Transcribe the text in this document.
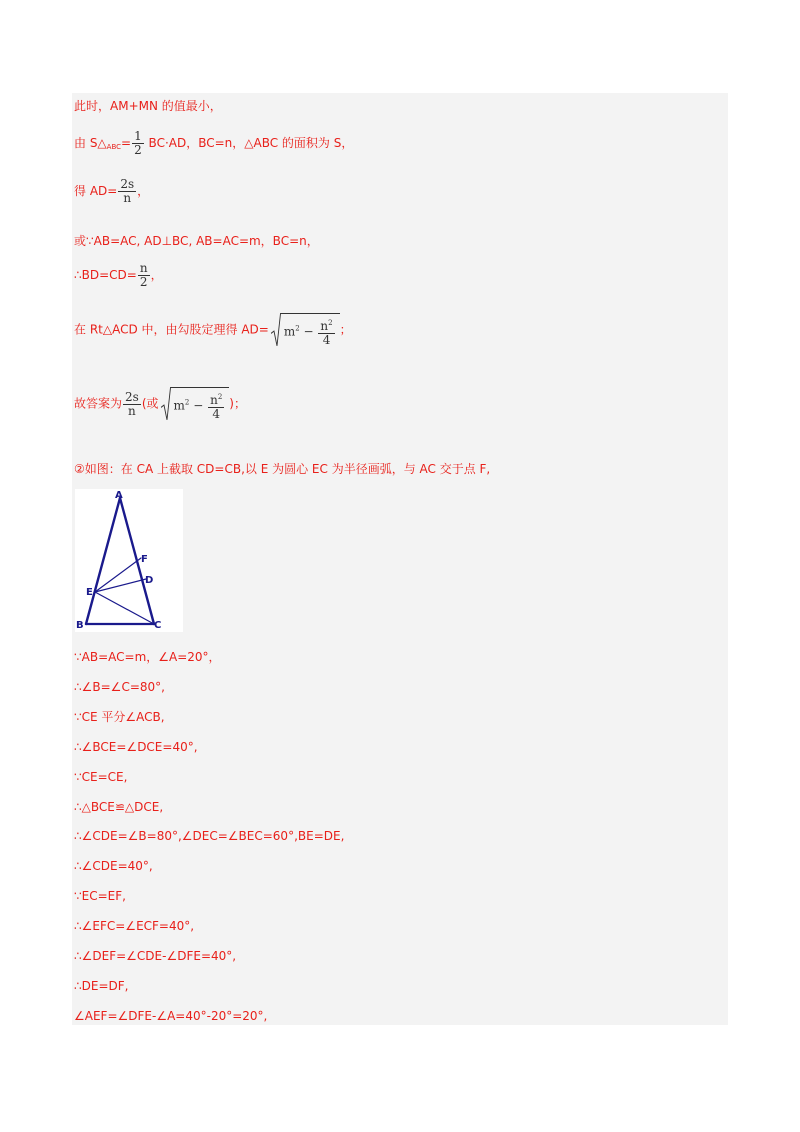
此时，AM+MN 的值最小，
由 $S\triangle_{ABC}= \frac{1}{2} BC\cdot AD$，BC=n，△ABC 的面积为 S，
得 $AD= \frac{2s}{n}$ ，
或∵AB=AC, AD⊥BC, AB=AC=m，BC=n，
∴BD=CD= $\frac{n}{2}$ ，
在 Rt△ACD 中，由勾股定理得 $AD= m^2 - \frac{n^2}{4}$ ；
故答案为 $\frac{2s}{n}$ (或 $m^2 - \frac{n^2}{4}$ )；
②如图：在 CA 上截取 CD=CB,以 E 为圆心 EC 为半径画弧，与 AC 交于点 F,
A
B	C
D
E
F
∵AB=AC=m，∠A=20°，
∴∠B=∠C=80°,
∵CE 平分∠ACB,
∴∠BCE=∠DCE=40°,
∵CE=CE,
∴△BCE≌△DCE,
∴∠CDE=∠B=80°,∠DEC=∠BEC=60°,BE=DE,
∴∠CDE=40°,
∵EC=EF,
∴∠EFC=∠ECF=40°,
∴∠DEF=∠CDE-∠DFE=40°,
∴DE=DF,
∠AEF=∠DFE-∠A=40°-20°=20°,
